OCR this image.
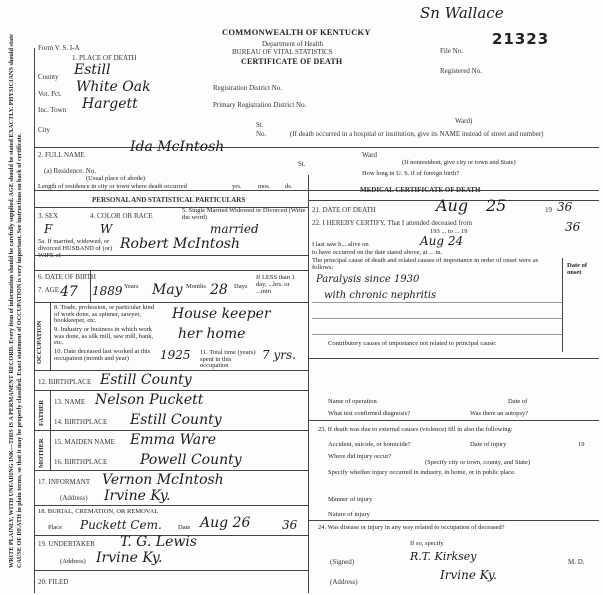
WRITE PLAINLY, WITH UNFADING INK—THIS IS A PERMANENT RECORD. Every item of information should be carefully supplied. AGE should be stated EXACTLY. PHYSICIANS should state CAUSE OF DEATH in plain terms, so that it may be properly classified. Exact statement of OCCUPATION is very important. See instructions on back of certificate.
Form V. S. I-A
COMMONWEALTH OF KENTUCKY
Department of Health
BUREAU OF VITAL STATISTICS
CERTIFICATE OF DEATH
Sn Wallace
File No.
21323
Registered No.
1. PLACE OF DEATH
County Estill
Vot. Pct. White Oak
Inc. Town Hargett
City
Registration District No.
Primary Registration District No.
St.	Ward)
No.	(If death occurred in a hospital or institution, give its NAME instead of street and number)
2. FULL NAME	Ida McIntosh
(a) Residence. No.
(Usual place of abode)
St.
Ward
(If nonresident, give city or town and State)
Length of residence in city or town where death occurred	yrs.	mos. ds.
How long in U. S. if of foreign birth?
PERSONAL AND STATISTICAL PARTICULARS
MEDICAL CERTIFICATE OF DEATH
3. SEX
F
4. COLOR OR RACE
W
5. Single Married Widowed or Divorced (Write the word)
married
5a. If married, widowed, or divorced HUSBAND of (or) WIFE of
Robert McIntosh
6. DATE OF BIRTH
7. AGE 47 1889 Years May Months 28 Days
If LESS than 1 day, ...hrs. or ...min
OCCUPATION
8. Trade, profession, or particular kind of work done, as spinner, sawyer, bookkeeper, etc.	House keeper
9. Industry or business in which work was done, as silk mill, saw mill, bank, etc.
her home
10. Date deceased last worked at this occupation (month and year)	1925 11. Total time (years) spent in this occupation
7 yrs.
12. BIRTHPLACE Estill County
FATHER 13. NAME Nelson Puckett
14. BIRTHPLACE Estill County
MOTHER 15. MAIDEN NAME Emma Ware
16. BIRTHPLACE Powell County
17. INFORMANT Vernon McIntosh
(Address) Irvine Ky.
18. BURIAL, CREMATION, OR REMOVAL
Place Puckett Cem. Date Aug 26	36
19. UNDERTAKER T. G. Lewis
(Address) Irvine Ky.
20. FILED
21. DATE OF DEATH	Aug 25	19 36
22. I HEREBY CERTIFY, That I attended deceased from
193 ... to ... 19	36
I last saw h... alive on	Aug 24
to have occurred on the date stated above, at ... m.
The principal cause of death and related causes of importance in order of onset were as follows:	Date of onset
Paralysis since 1930
with chronic nephritis
Contributory causes of importance not related to principal cause:
Name of operation	Date of
What test confirmed diagnosis?	Was there an autopsy?
23. If death was due to external causes (violence) fill in also the following:
Accident, suicide, or homicide?	Date of injury	19
Where did injury occur?
(Specify city or town, county, and State)
Specify whether injury occurred in industry, in home, or in public place.
Manner of injury
Nature of injury
24. Was disease or injury in any way related to occupation of deceased?
If so, specify
(Signed)	R.T. Kirksey	M. D.
(Address)	Irvine Ky.
